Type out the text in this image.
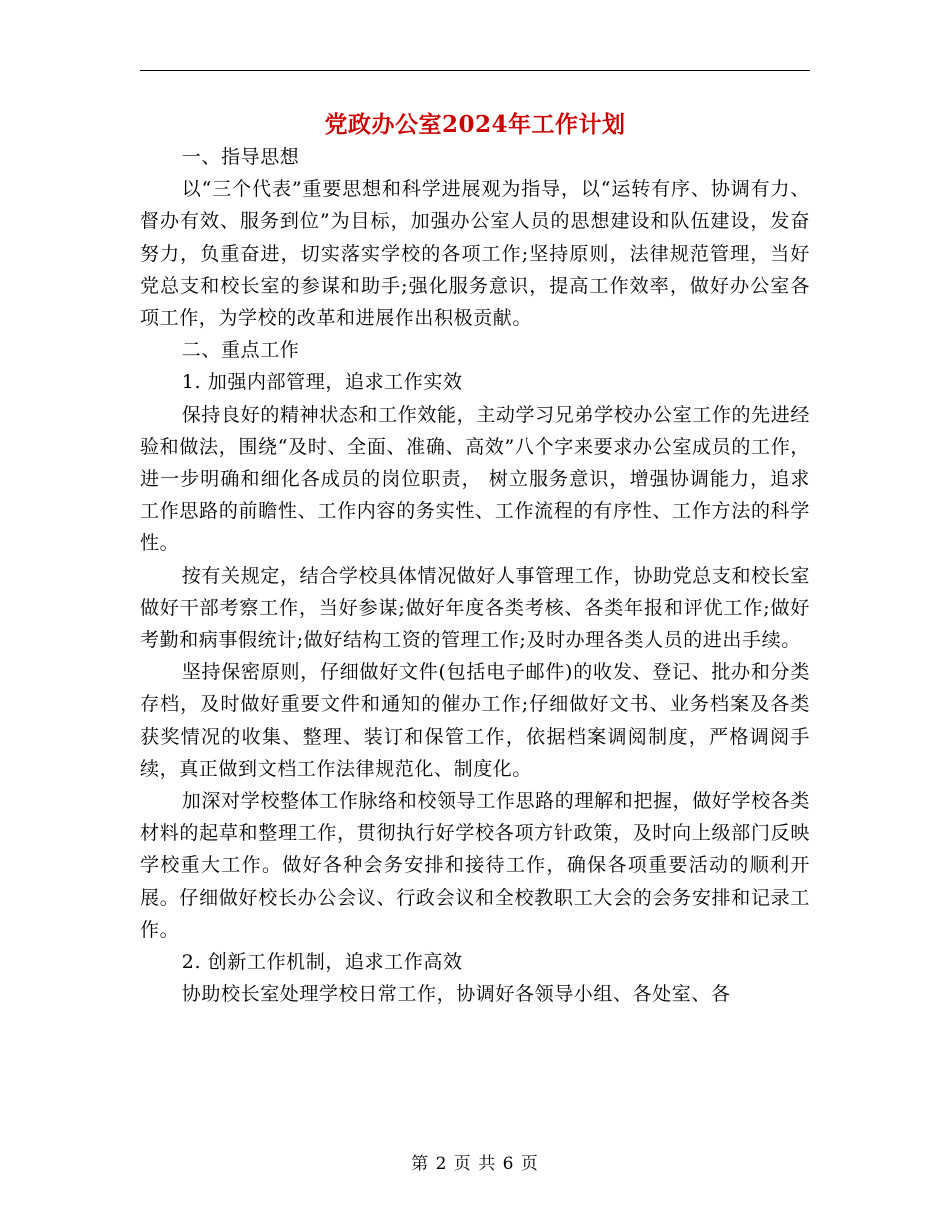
党政办公室2024年工作计划

一、指导思想

以“三个代表”重要思想和科学进展观为指导，以“运转有序、协调有力、督办有效、服务到位”为目标，加强办公室人员的思想建设和队伍建设，发奋努力，负重奋进，切实落实学校的各项工作;坚持原则，法律规范管理，当好党总支和校长室的参谋和助手;强化服务意识，提高工作效率，做好办公室各项工作，为学校的改革和进展作出积极贡献。

二、重点工作

1. 加强内部管理，追求工作实效

保持良好的精神状态和工作效能，主动学习兄弟学校办公室工作的先进经验和做法，围绕“及时、全面、准确、高效”八个字来要求办公室成员的工作，进一步明确和细化各成员的岗位职责， 树立服务意识，增强协调能力，追求工作思路的前瞻性、工作内容的务实性、工作流程的有序性、工作方法的科学性。

按有关规定，结合学校具体情况做好人事管理工作，协助党总支和校长室做好干部考察工作，当好参谋;做好年度各类考核、各类年报和评优工作;做好考勤和病事假统计;做好结构工资的管理工作;及时办理各类人员的进出手续。

坚持保密原则，仔细做好文件(包括电子邮件)的收发、登记、批办和分类存档，及时做好重要文件和通知的催办工作;仔细做好文书、业务档案及各类获奖情况的收集、整理、装订和保管工作，依据档案调阅制度，严格调阅手续，真正做到文档工作法律规范化、制度化。

加深对学校整体工作脉络和校领导工作思路的理解和把握，做好学校各类材料的起草和整理工作，贯彻执行好学校各项方针政策，及时向上级部门反映学校重大工作。做好各种会务安排和接待工作，确保各项重要活动的顺利开展。仔细做好校长办公会议、行政会议和全校教职工大会的会务安排和记录工作。

2. 创新工作机制，追求工作高效

协助校长室处理学校日常工作，协调好各领导小组、各处室、各

第 2 页 共 6 页
